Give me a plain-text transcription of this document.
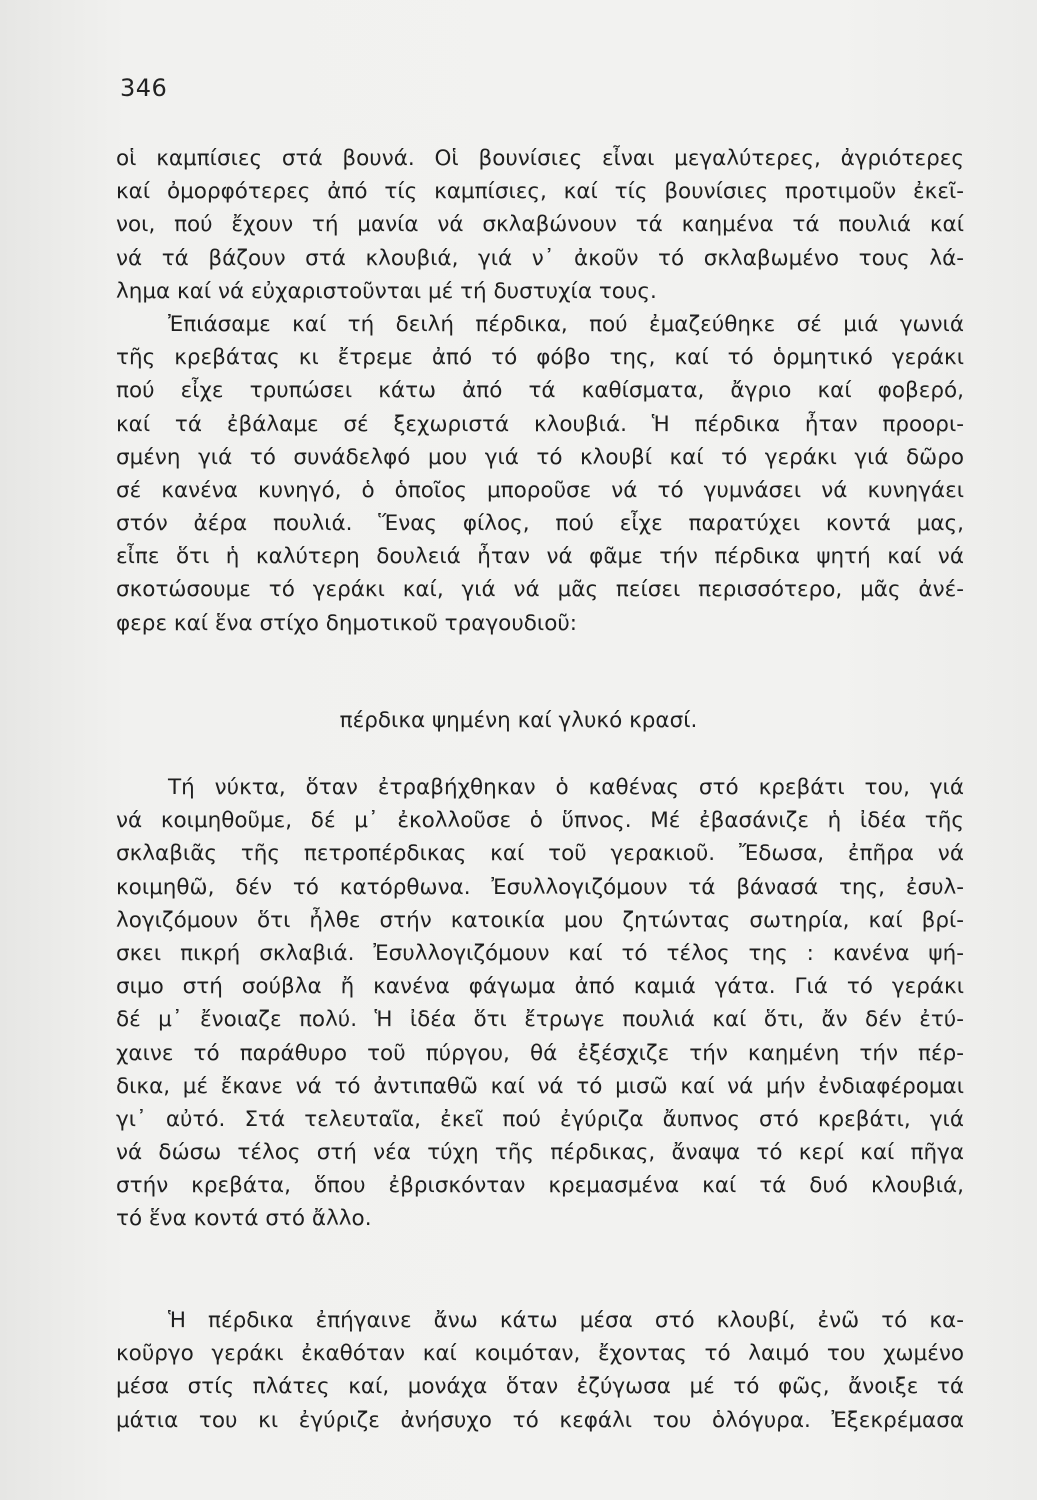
346
οἱ καμπίσιες στά βουνά. Οἱ βουνίσιες εἶναι μεγαλύτερες, ἀγριότερες
καί ὀμορφότερες ἀπό τίς καμπίσιες, καί τίς βουνίσιες προτιμοῦν ἐκεῖ-
νοι, πού ἔχουν τή μανία νά σκλαβώνουν τά καημένα τά πουλιά καί
νά τά βάζουν στά κλουβιά, γιά ν᾽ ἀκοῦν τό σκλαβωμένο τους λά-
λημα καί νά εὐχαριστοῦνται μέ τή δυστυχία τους.
Ἐπιάσαμε καί τή δειλή πέρδικα, πού ἐμαζεύθηκε σέ μιά γωνιά
τῆς κρεβάτας κι ἔτρεμε ἀπό τό φόβο της, καί τό ὁρμητικό γεράκι
πού εἶχε τρυπώσει κάτω ἀπό τά καθίσματα, ἄγριο καί φοβερό,
καί τά ἐβάλαμε σέ ξεχωριστά κλουβιά. Ἡ πέρδικα ἦταν προορι-
σμένη γιά τό συνάδελφό μου γιά τό κλουβί καί τό γεράκι γιά δῶρο
σέ κανένα κυνηγό, ὁ ὁποῖος μποροῦσε νά τό γυμνάσει νά κυνηγάει
στόν ἀέρα πουλιά. Ἕνας φίλος, πού εἶχε παρατύχει κοντά μας,
εἶπε ὅτι ἡ καλύτερη δουλειά ἦταν νά φᾶμε τήν πέρδικα ψητή καί νά
σκοτώσουμε τό γεράκι καί, γιά νά μᾶς πείσει περισσότερο, μᾶς ἀνέ-
φερε καί ἕνα στίχο δημοτικοῦ τραγουδιοῦ:
πέρδικα ψημένη καί γλυκό κρασί.
Τή νύκτα, ὅταν ἐτραβήχθηκαν ὁ καθένας στό κρεβάτι του, γιά
νά κοιμηθοῦμε, δέ μ᾽ ἐκολλοῦσε ὁ ὕπνος. Μέ ἐβασάνιζε ἡ ἰδέα τῆς
σκλαβιᾶς τῆς πετροπέρδικας καί τοῦ γερακιοῦ. Ἔδωσα, ἐπῆρα νά
κοιμηθῶ, δέν τό κατόρθωνα. Ἐσυλλογιζόμουν τά βάνασά της, ἐσυλ-
λογιζόμουν ὅτι ἦλθε στήν κατοικία μου ζητώντας σωτηρία, καί βρί-
σκει πικρή σκλαβιά. Ἐσυλλογιζόμουν καί τό τέλος της : κανένα ψή-
σιμο στή σούβλα ἤ κανένα φάγωμα ἀπό καμιά γάτα. Γιά τό γεράκι
δέ μ᾽ ἔνοιαζε πολύ. Ἡ ἰδέα ὅτι ἔτρωγε πουλιά καί ὅτι, ἄν δέν ἐτύ-
χαινε τό παράθυρο τοῦ πύργου, θά ἐξέσχιζε τήν καημένη τήν πέρ-
δικα, μέ ἔκανε νά τό ἀντιπαθῶ καί νά τό μισῶ καί νά μήν ἐνδιαφέρομαι
γι᾽ αὐτό. Στά τελευταῖα, ἐκεῖ πού ἐγύριζα ἄυπνος στό κρεβάτι, γιά
νά δώσω τέλος στή νέα τύχη τῆς πέρδικας, ἄναψα τό κερί καί πῆγα
στήν κρεβάτα, ὅπου ἐβρισκόνταν κρεμασμένα καί τά δυό κλουβιά,
τό ἕνα κοντά στό ἄλλο.
Ἡ πέρδικα ἐπήγαινε ἄνω κάτω μέσα στό κλουβί, ἐνῶ τό κα-
κοῦργο γεράκι ἐκαθόταν καί κοιμόταν, ἔχοντας τό λαιμό του χωμένο
μέσα στίς πλάτες καί, μονάχα ὅταν ἐζύγωσα μέ τό φῶς, ἄνοιξε τά
μάτια του κι ἐγύριζε ἀνήσυχο τό κεφάλι του ὁλόγυρα. Ἐξεκρέμασα
